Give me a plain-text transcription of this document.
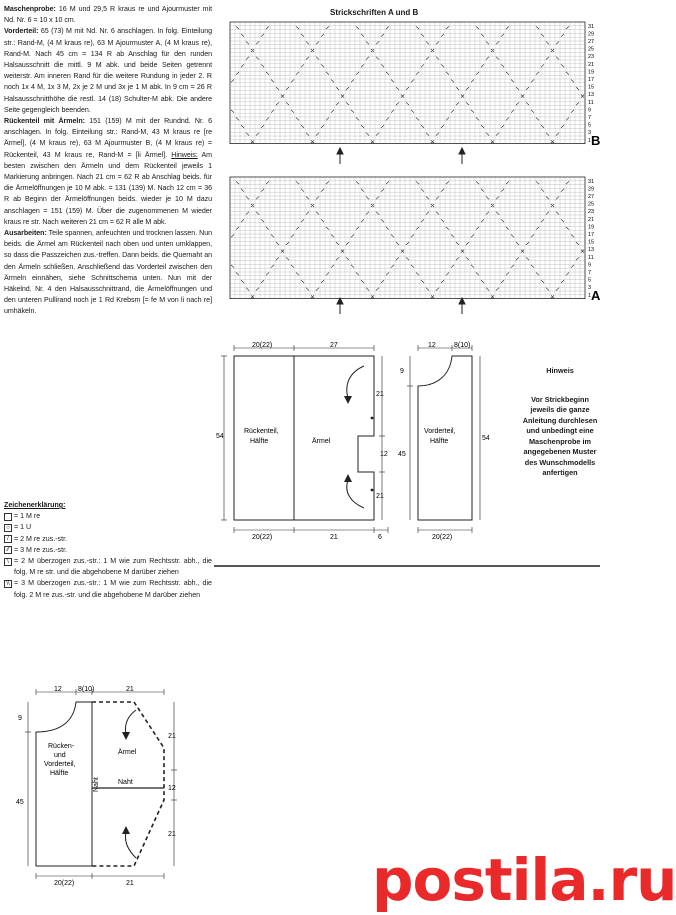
Maschenprobe: 16 M und 29,5 R kraus re und Ajourmuster mit Nd. Nr. 6 = 10 x 10 cm.

Vorderteil: 65 (73) M mit Nd. Nr. 6 anschlagen. In folg. Einteilung str.: Rand-M, (4 M kraus re), 63 M Ajourmuster A, (4 M kraus re), Rand-M. Nach 45 cm = 134 R ab Anschlag für den runden Halsausschnitt die mittl. 9 M abk. und beide Seiten getrennt weiterstr. Am inneren Rand für die weitere Rundung in jeder 2. R noch 1x 4 M, 1x 3 M, 2x je 2 M und 3x je 1 M abk. In 9 cm = 26 R Halsausschnitthöhe die restl. 14 (18) Schulter-M abk. Die andere Seite gegengleich beenden.

Rückenteil mit Ärmeln: 151 (159) M mit der Rundnd. Nr. 6 anschlagen. In folg. Einteilung str.: Rand-M, 43 M kraus re [re Ärmel], (4 M kraus re), 63 M Ajourmuster B, (4 M kraus re) = Rückenteil, 43 M kraus re, Rand-M = [li Ärmel]. Hinweis: Am besten zwischen den Ärmeln und dem Rückenteil jeweils 1 Markierung anbringen. Nach 21 cm = 62 R ab Anschlag beids. für die Ärmelöffnungen je 10 M abk. = 131 (139) M. Nach 12 cm = 36 R ab Beginn der Ärmelöffnungen beids. wieder je 10 M dazu anschlagen = 151 (159) M. Über die zugenommenen M wieder kraus re str. Nach weiteren 21 cm = 62 R alle M abk.

Ausarbeiten: Teile spannen, anfeuchten und trocknen lassen. Nun beids. die Ärmel am Rückenteil nach oben und unten umklappen, so dass die Passzeichen zus.-treffen. Dann beids. die Quernaht an den Ärmeln schließen. Anschließend das Vorderteil zwischen den Ärmeln einnähen, siehe Schnittschema unten. Nun mit der Häkelnd. Nr. 4 den Halsausschnittrand, die Ärmelöffnungen und den unteren Pullirand noch je 1 Rd Krebsm [= fe M von li nach re] umhäkeln.

Zeichenerklärung:
= 1 M re
○ = 1 U
/ = 2 M re zus.-str.
∕∕ = 3 M re zus.-str.
\ = 2 M überzogen zus.-str.: 1 M wie zum Rechtsstr. abh., die folg. M re str. und die abgehobene M darüber ziehen
\\ = 3 M überzogen zus.-str.: 1 M wie zum Rechtsstr. abh., die folg. 2 M re zus.-str. und die abgehobene M darüber ziehen
Strickschriften A und B
31
29
27
25
23
21
19
17
15
13
11
9
7
5
3
1 B
31
29
27
25
23
21
19
17
15
13
11
9
7
5
3
1 A
20(22)	27
54
Rückenteil,
Hälfte	Ärmel
21
12
21
20(22)	21	6
12	8(10)
9
45
54
Vorderteil,
Hälfte
20(22)
Hinweis
Vor Strickbeginn jeweils die ganze Anleitung durchlesen und unbedingt eine Maschenprobe im angegebenen Muster des Wunschmodells anfertigen
12 8(10)	21
9
45
Rücken-
und
Vorderteil,
Hälfte
Naht	Naht
Ärmel
21
12
21
20(22)	21	postila.ru
